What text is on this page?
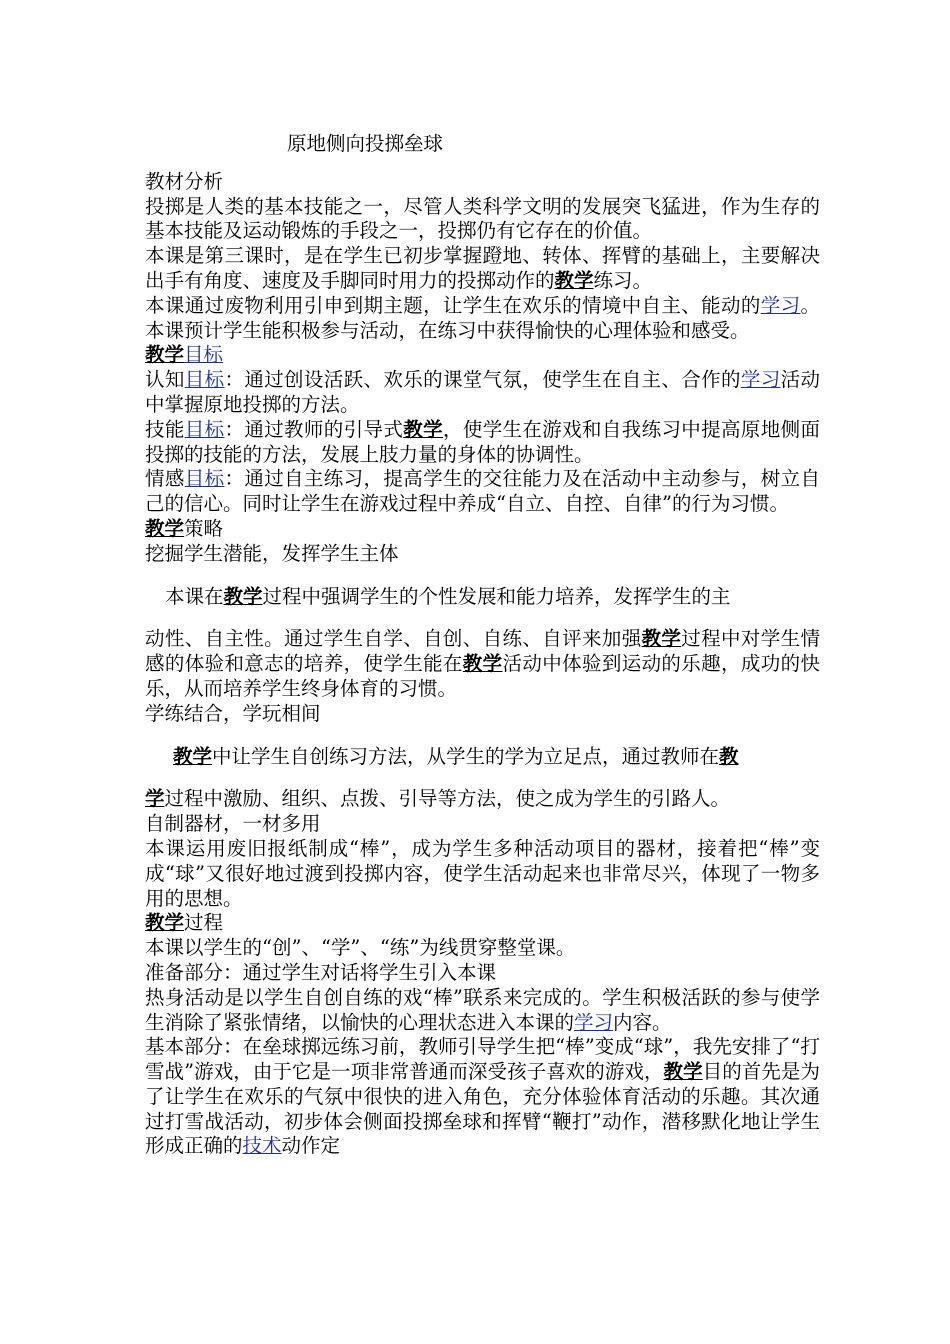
原地侧向投掷垒球

教材分析

投掷是人类的基本技能之一，尽管人类科学文明的发展突飞猛进，作为生存的基本技能及运动锻炼的手段之一，投掷仍有它存在的价值。

本课是第三课时，是在学生已初步掌握蹬地、转体、挥臂的基础上，主要解决出手有角度、速度及手脚同时用力的投掷动作的教学练习。

本课通过废物利用引申到期主题，让学生在欢乐的情境中自主、能动的学习。本课预计学生能积极参与活动，在练习中获得愉快的心理体验和感受。

教学目标

认知目标：通过创设活跃、欢乐的课堂气氛，使学生在自主、合作的学习活动中掌握原地投掷的方法。

技能目标：通过教师的引导式教学，使学生在游戏和自我练习中提高原地侧面投掷的技能的方法，发展上肢力量的身体的协调性。

情感目标：通过自主练习，提高学生的交往能力及在活动中主动参与，树立自己的信心。同时让学生在游戏过程中养成“自立、自控、自律”的行为习惯。

教学策略

挖掘学生潜能，发挥学生主体

本课在教学过程中强调学生的个性发展和能力培养，发挥学生的主

动性、自主性。通过学生自学、自创、自练、自评来加强教学过程中对学生情感的体验和意志的培养，使学生能在教学活动中体验到运动的乐趣，成功的快乐，从而培养学生终身体育的习惯。

学练结合，学玩相间

教学中让学生自创练习方法，从学生的学为立足点，通过教师在教

学过程中激励、组织、点拨、引导等方法，使之成为学生的引路人。

自制器材，一材多用

本课运用废旧报纸制成“棒”，成为学生多种活动项目的器材，接着把“棒”变成“球”又很好地过渡到投掷内容，使学生活动起来也非常尽兴，体现了一物多用的思想。

教学过程

本课以学生的“创”、“学”、“练”为线贯穿整堂课。

准备部分：通过学生对话将学生引入本课

热身活动是以学生自创自练的戏“棒”联系来完成的。学生积极活跃的参与使学生消除了紧张情绪，以愉快的心理状态进入本课的学习内容。

基本部分：在垒球掷远练习前，教师引导学生把“棒”变成“球”，我先安排了“打雪战”游戏，由于它是一项非常普通而深受孩子喜欢的游戏，教学目的首先是为了让学生在欢乐的气氛中很快的进入角色，充分体验体育活动的乐趣。其次通过打雪战活动，初步体会侧面投掷垒球和挥臂“鞭打”动作，潜移默化地让学生形成正确的技术动作定
